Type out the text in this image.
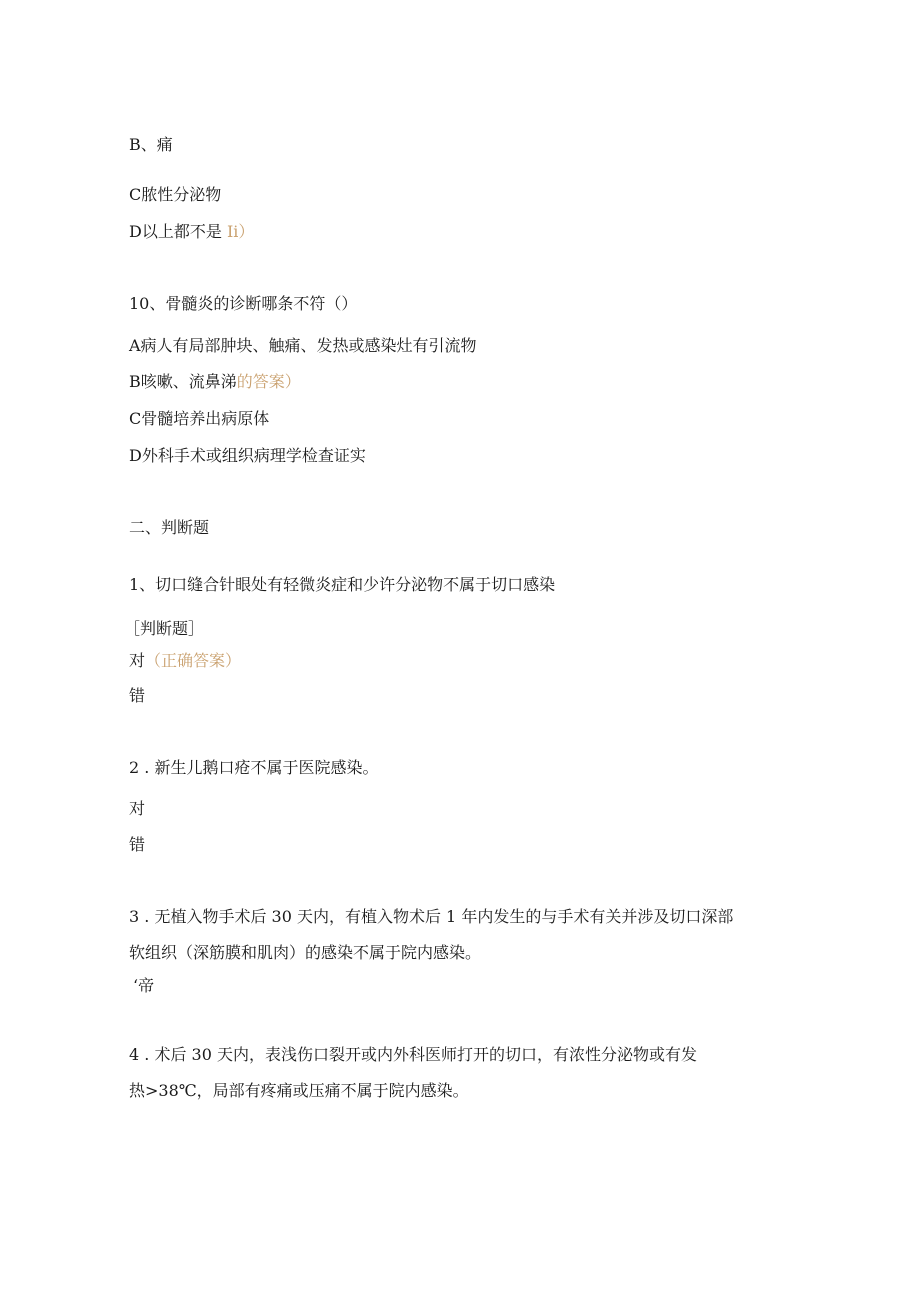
B、痛
C脓性分泌物
D以上都不是 Ii）
10、骨髓炎的诊断哪条不符（）
A病人有局部肿块、触痛、发热或感染灶有引流物
B咳嗽、流鼻涕的答案）
C骨髓培养出病原体
D外科手术或组织病理学检查证实
二、判断题
1、切口缝合针眼处有轻微炎症和少许分泌物不属于切口感染
［判断题］
对（正确答案）
错
2 . 新生儿鹅口疮不属于医院感染。
对
错
3 . 无植入物手术后 30 天内，有植入物术后 1 年内发生的与手术有关并涉及切口深部
软组织（深筋膜和肌肉）的感染不属于院内感染。
‘帝
4 . 术后 30 天内，表浅伤口裂开或内外科医师打开的切口，有浓性分泌物或有发
热>38℃，局部有疼痛或压痛不属于院内感染。
